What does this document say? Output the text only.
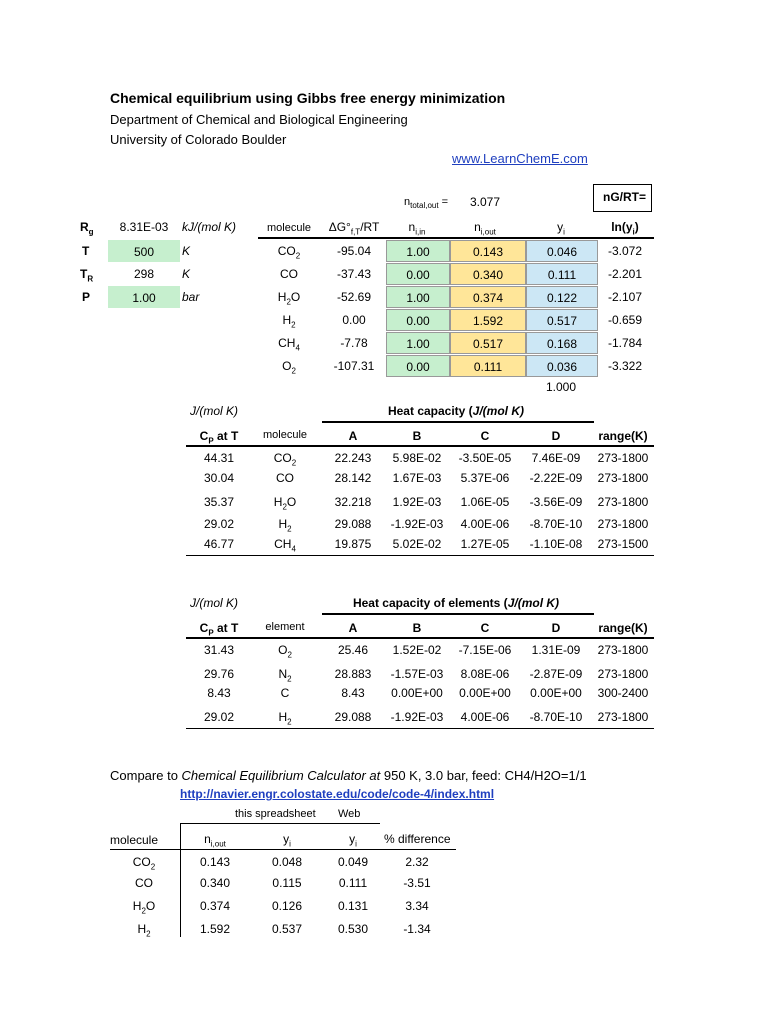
Chemical equilibrium using Gibbs free energy minimization
Department of Chemical and Biological Engineering
University of Colorado Boulder
www.LearnChemE.com
$R_g$	8.31E-03	kJ/(mol K)
T	500	K
$T_R$	298	K
P	1.00	bar
$n_{total,out} = 3.077$	nG/RT=
molecule	$\Delta G^\circ_{f,T}/RT$	$n_{i,in}$	$n_{i,out}$	$y_i$	$\ln(y_i)$
$CO_2$	-95.04	1.00	0.143	0.046	-3.072
CO	-37.43	0.00	0.340	0.111	-2.201
$H_2O$	-52.69	1.00	0.374	0.122	-2.107
$H_2$	0.00	0.00	1.592	0.517	-0.659
$CH_4$	-7.78	1.00	0.517	0.168	-1.784
$O_2$	-107.31	0.00	0.111	0.036	-3.322
1.000
J/(mol K)	Heat capacity (J/(mol K)
$C_P$ at T	molecule	A	B	C	D	range(K)
44.31	$CO_2$	22.243	5.98E-02	-3.50E-05	7.46E-09	273-1800
30.04	CO	28.142	1.67E-03	5.37E-06	-2.22E-09	273-1800
35.37	$H_2O$	32.218	1.92E-03	1.06E-05	-3.56E-09	273-1800
29.02	$H_2$	29.088	-1.92E-03	4.00E-06	-8.70E-10	273-1800
46.77	$CH_4$	19.875	5.02E-02	1.27E-05	-1.10E-08	273-1500
J/(mol K)	Heat capacity of elements (J/(mol K)
$C_P$ at T	element	A	B	C	D	range(K)
31.43	$O_2$	25.46	1.52E-02	-7.15E-06	1.31E-09	273-1800
29.76	$N_2$	28.883	-1.57E-03	8.08E-06	-2.87E-09	273-1800
8.43	C	8.43	0.00E+00	0.00E+00	0.00E+00	300-2400
29.02	$H_2$	29.088	-1.92E-03	4.00E-06	-8.70E-10	273-1800
Compare to Chemical Equilibrium Calculator at 950 K, 3.0 bar, feed: CH4/H2O=1/1
http://navier.engr.colostate.edu/code/code-4/index.html
this spreadsheet Web
molecule	$n_{i,out}$	$y_i$	$y_i$	% difference
$CO_2$	0.143	0.048	0.049	2.32
CO	0.340	0.115	0.111	-3.51
$H_2O$	0.374	0.126	0.131	3.34
$H_2$	1.592	0.537	0.530	-1.34
